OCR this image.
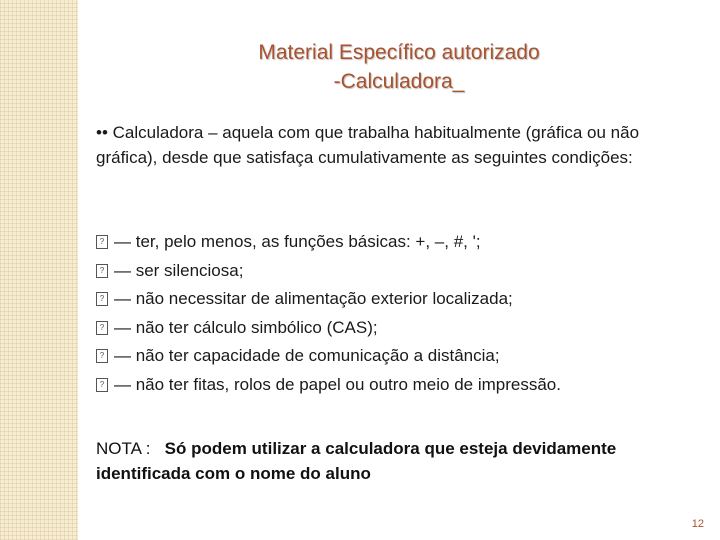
Material Específico autorizado
-Calculadora_
•• Calculadora – aquela com que trabalha habitualmente (gráfica ou não gráfica), desde que satisfaça cumulativamente as seguintes condições:
? — ter, pelo menos, as funções básicas: +, –, #, ';
? — ser silenciosa;
? — não necessitar de alimentação exterior localizada;
? — não ter cálculo simbólico (CAS);
? — não ter capacidade de comunicação a distância;
? — não ter fitas, rolos de papel ou outro meio de impressão.
NOTA : Só podem utilizar a calculadora que esteja devidamente identificada com o nome do aluno
12
